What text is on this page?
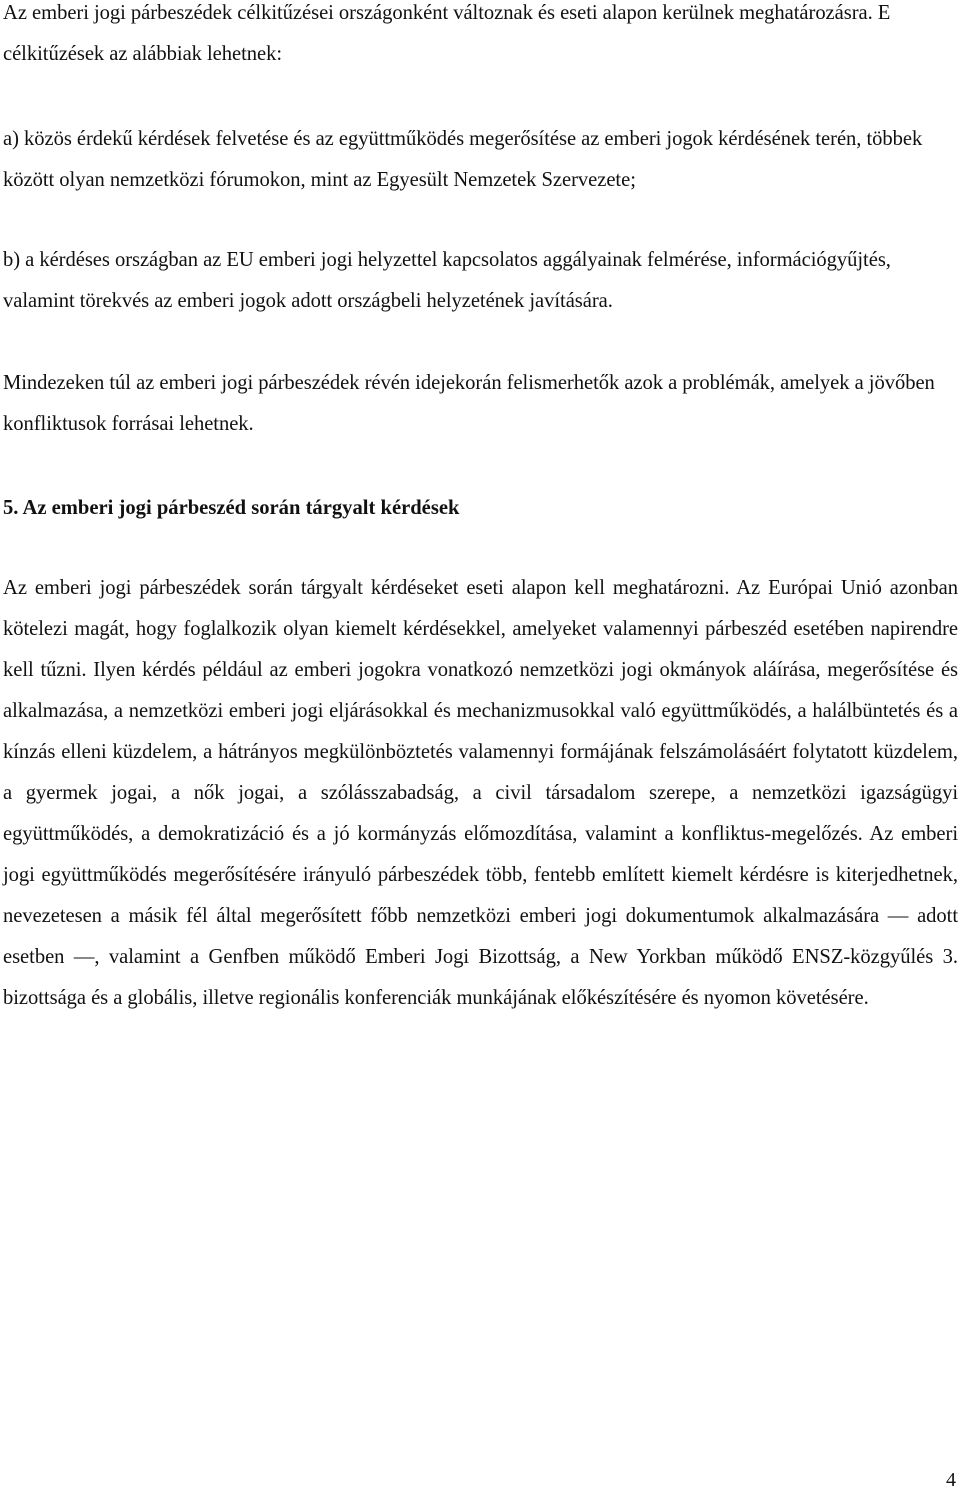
Az emberi jogi párbeszédek célkitűzései országonként változnak és eseti alapon kerülnek meghatározásra. E célkitűzések az alábbiak lehetnek:

a) közös érdekű kérdések felvetése és az együttműködés megerősítése az emberi jogok kérdésének terén, többek között olyan nemzetközi fórumokon, mint az Egyesült Nemzetek Szervezete;

b) a kérdéses országban az EU emberi jogi helyzettel kapcsolatos aggályainak felmérése, információgyűjtés, valamint törekvés az emberi jogok adott országbeli helyzetének javítására.

Mindezeken túl az emberi jogi párbeszédek révén idejekorán felismerhetők azok a problémák, amelyek a jövőben konfliktusok forrásai lehetnek.

5. Az emberi jogi párbeszéd során tárgyalt kérdések

Az emberi jogi párbeszédek során tárgyalt kérdéseket eseti alapon kell meghatározni. Az Európai Unió azonban kötelezi magát, hogy foglalkozik olyan kiemelt kérdésekkel, amelyeket valamennyi párbeszéd esetében napirendre kell tűzni. Ilyen kérdés például az emberi jogokra vonatkozó nemzetközi jogi okmányok aláírása, megerősítése és alkalmazása, a nemzetközi emberi jogi eljárásokkal és mechanizmusokkal való együttműködés, a halálbüntetés és a kínzás elleni küzdelem, a hátrányos megkülönböztetés valamennyi formájának felszámolásáért folytatott küzdelem, a gyermek jogai, a nők jogai, a szólásszabadság, a civil társadalom szerepe, a nemzetközi igazságügyi együttműködés, a demokratizáció és a jó kormányzás előmozdítása, valamint a konfliktus-megelőzés. Az emberi jogi együttműködés megerősítésére irányuló párbeszédek több, fentebb említett kiemelt kérdésre is kiterjedhetnek, nevezetesen a másik fél által megerősített főbb nemzetközi emberi jogi dokumentumok alkalmazására — adott esetben —, valamint a Genfben működő Emberi Jogi Bizottság, a New Yorkban működő ENSZ-közgyűlés 3. bizottsága és a globális, illetve regionális konferenciák munkájának előkészítésére és nyomon követésére.

4
